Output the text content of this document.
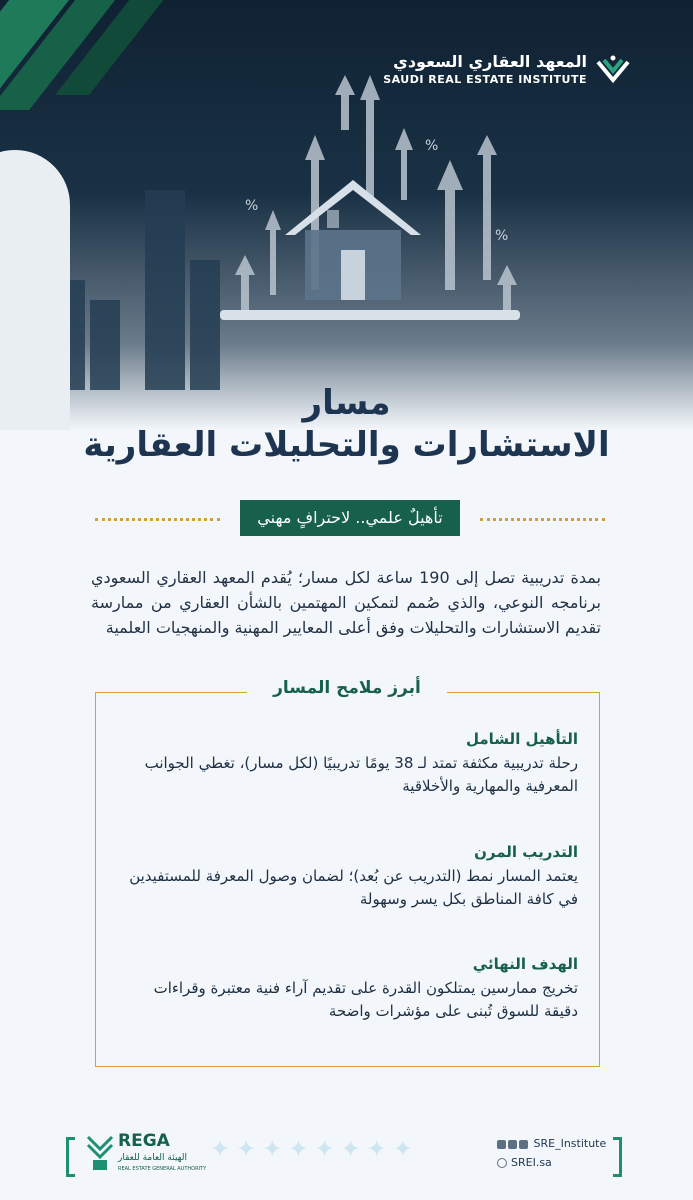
%
%
%
المعهد العقاري السعودي
SAUDI REAL ESTATE INSTITUTE
مسار
الاستشارات والتحليلات العقارية
تأهيلٌ علمي.. لاحترافٍ مهني
بمدة تدريبية تصل إلى 190 ساعة لكل مسار؛ يُقدم المعهد العقاري السعودي برنامجه النوعي، والذي صُمم لتمكين المهتمين بالشأن العقاري من ممارسة تقديم الاستشارات والتحليلات وفق أعلى المعايير المهنية والمنهجيات العلمية
أبرز ملامح المسار
التأهيل الشامل
رحلة تدريبية مكثفة تمتد لـ 38 يومًا تدريبيًا (لكل مسار)، تغطي الجوانب المعرفية والمهارية والأخلاقية
التدريب المرن
يعتمد المسار نمط (التدريب عن بُعد)؛ لضمان وصول المعرفة للمستفيدين في كافة المناطق بكل يسر وسهولة
الهدف النهائي
تخريج ممارسين يمتلكون القدرة على تقديم آراء فنية معتبرة وقراءات دقيقة للسوق تُبنى على مؤشرات واضحة
REGA
الهيئة العامة للعقار
REAL ESTATE GENERAL AUTHORITY
✦✦✦✦✦✦✦✦	SRE_Institute
SREI.sa
